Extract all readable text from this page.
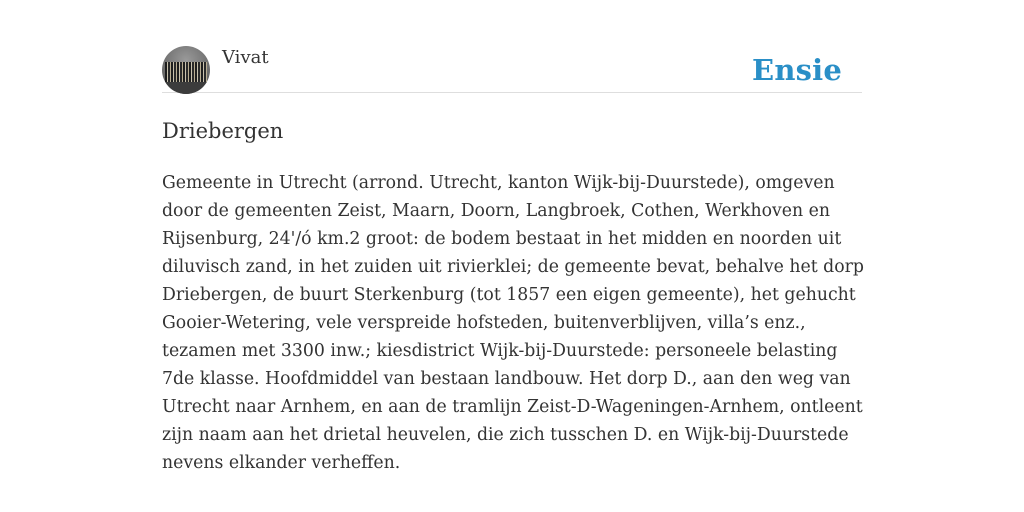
Vivat	Ensie
Driebergen

Gemeente in Utrecht (arrond. Utrecht, kanton Wijk-bij-Duurstede), omgeven door de gemeenten Zeist, Maarn, Doorn, Langbroek, Cothen, Werkhoven en Rijsenburg, 24'/ó km.2 groot: de bodem bestaat in het midden en noorden uit diluvisch zand, in het zuiden uit rivierklei; de gemeente bevat, behalve het dorp Driebergen, de buurt Sterkenburg (tot 1857 een eigen gemeente), het gehucht Gooier-Wetering, vele verspreide hofsteden, buitenverblijven, villa’s enz., tezamen met 3300 inw.; kiesdistrict Wijk-bij-Duurstede: personeele belasting 7de klasse. Hoofdmiddel van bestaan landbouw. Het dorp D., aan den weg van Utrecht naar Arnhem, en aan de tramlijn Zeist-D-Wageningen-Arnhem, ontleent zijn naam aan het drietal heuvelen, die zich tusschen D. en Wijk-bij-Duurstede nevens elkander verheffen.
